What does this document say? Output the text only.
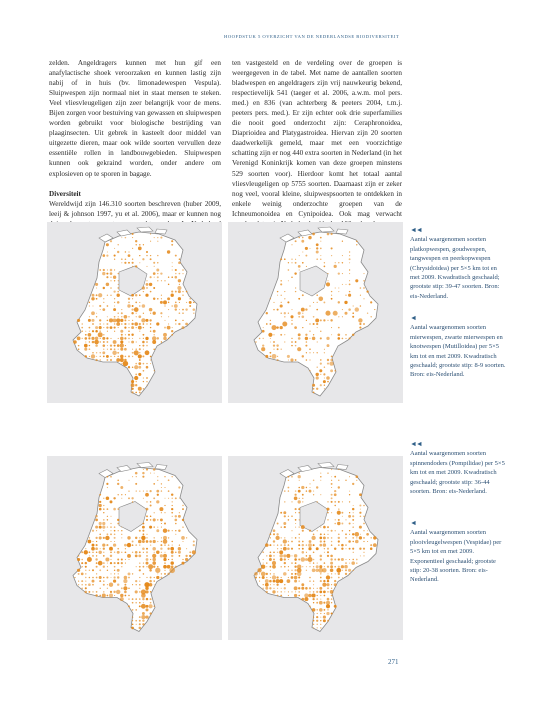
HOOFDSTUK 5 OVERZICHT VAN DE NEDERLANDSE BIODIVERSITEIT

zelden. Angeldragers kunnen met hun gif een anafylactische shoek veroorzaken en kunnen lastig zijn nabij of in huis (bv. limonadewespen Vespula). Sluipwespen zijn normaal niet in staat mensen te steken. Veel vliesvleugeligen zijn zeer belangrijk voor de mens. Bijen zorgen voor bestuiving van gewassen en sluipwespen worden gebruikt voor biologische bestrijding van plaaginsecten. Uit gebrek in kasteelt door middel van uitgezette dieren, maar ook wilde soorten vervullen deze essentiële rollen in landbouwgebieden. Sluipwespen kunnen ook gekraind worden, onder andere om explosieven op te sporen in bagage.

Diversiteit

Wereldwijd zijn 146.310 soorten beschreven (huber 2009, leeij & johnson 1997, yu et al. 2006), maar er kunnen nog

ten vastgesteld en de verdeling over de groepen is weergegeven in de tabel. Met name de aantallen soorten bladwespen en angeldragers zijn vrij nauwkeurig bekend, respectievelijk 541 (taeger et al. 2006, a.w.m. mol pers. med.) en 836 (van achterberg & peeters 2004, t.m.j. peeters pers. med.). Er zijn echter ook drie superfamilies die nooit goed onderzocht zijn: Ceraphronoidea, Diaprioidea and Platygastroidea. Hiervan zijn 20 soorten daadwerkelijk gemeld, maar met een voorzichtige schatting zijn er nog 440 extra soorten in Nederland (in het Verenigd Koninkrijk komen van deze groepen minstens 529 soorten voor). Hierdoor komt het totaal aantal vliesvleugeligen op 5755 soorten. Daarnaast zijn er zeker nog veel, vooral kleine, sluipwespsoorten te ontdekken in enkele weinig onderzochte groepen van de Ichneumonoidea en Cynipoidea. Ook mag verwacht

◄◄
Aantal waargenomen soorten platkopwespen, goudwespen, tangwespen en peerkopwespen (Chrysidoidea) per 5×5 km tot en met 2009. Kwadratisch geschaald; grootste stip: 39-47 soorten. Bron: eis-Nederland.
◄
Aantal waargenomen soorten mierwespen, zwarte mierwespen en knotwespen (Mutilloidea) per 5×5 km tot en met 2009. Kwadratisch geschaald; grootste stip: 8-9 soorten. Bron: eis-Nederland.
◄◄
Aantal waargenomen soorten spinnendoders (Pompilidae) per 5×5 km tot en met 2009. Kwadratisch geschaald; grootste stip: 36-44 soorten. Bron: eis-Nederland.
◄
Aantal waargenomen soorten plooivleugelwespen (Vespidae) per 5×5 km tot en met 2009. Exponentieel geschaald; grootste stip: 20-38 soorten. Bron: eis-Nederland.
271
